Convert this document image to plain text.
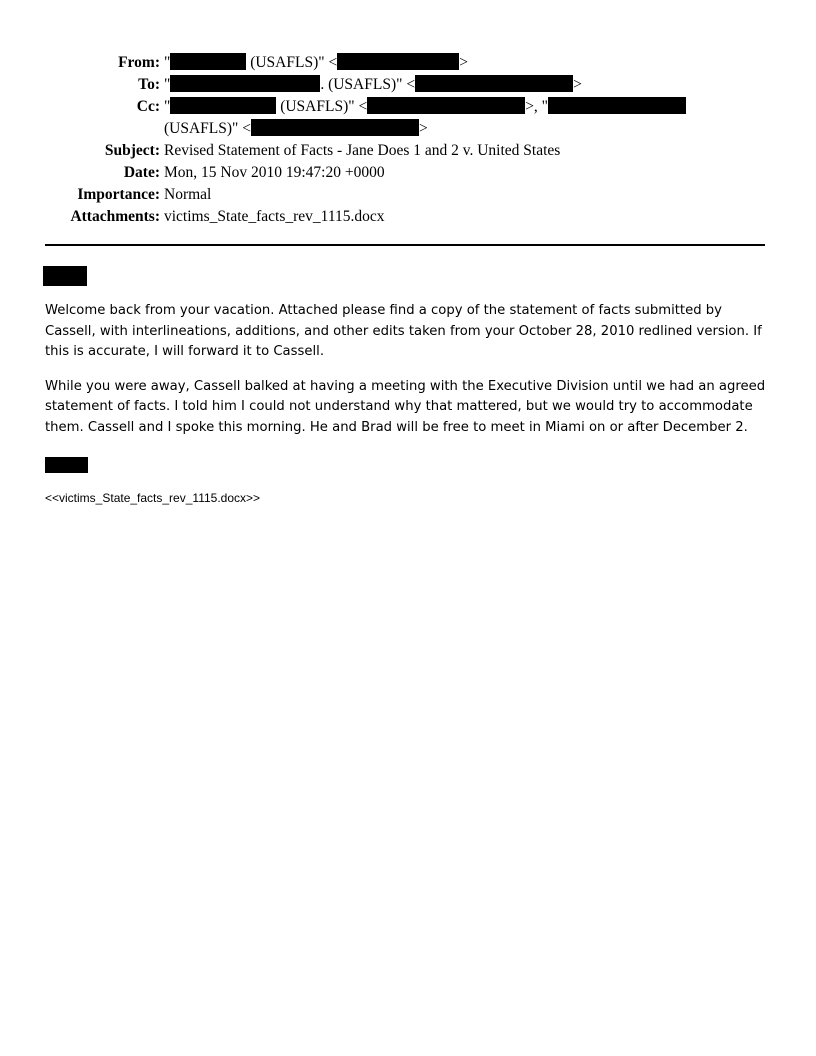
From: "	(USAFLS)" <	>
To: "	. (USAFLS)" <	>
Cc: "	(USAFLS)" <	>, "
(USAFLS)" <	>
Subject: Revised Statement of Facts - Jane Does 1 and 2 v. United States
Date: Mon, 15 Nov 2010 19:47:20 +0000
Importance: Normal
Attachments: victims_State_facts_rev_1115.docx

Welcome back from your vacation. Attached please find a copy of the statement of facts submitted by Cassell, with interlineations, additions, and other edits taken from your October 28, 2010 redlined version. If this is accurate, I will forward it to Cassell.

While you were away, Cassell balked at having a meeting with the Executive Division until we had an agreed statement of facts. I told him I could not understand why that mattered, but we would try to accommodate them. Cassell and I spoke this morning. He and Brad will be free to meet in Miami on or after December 2.

<<victims_State_facts_rev_1115.docx>>
